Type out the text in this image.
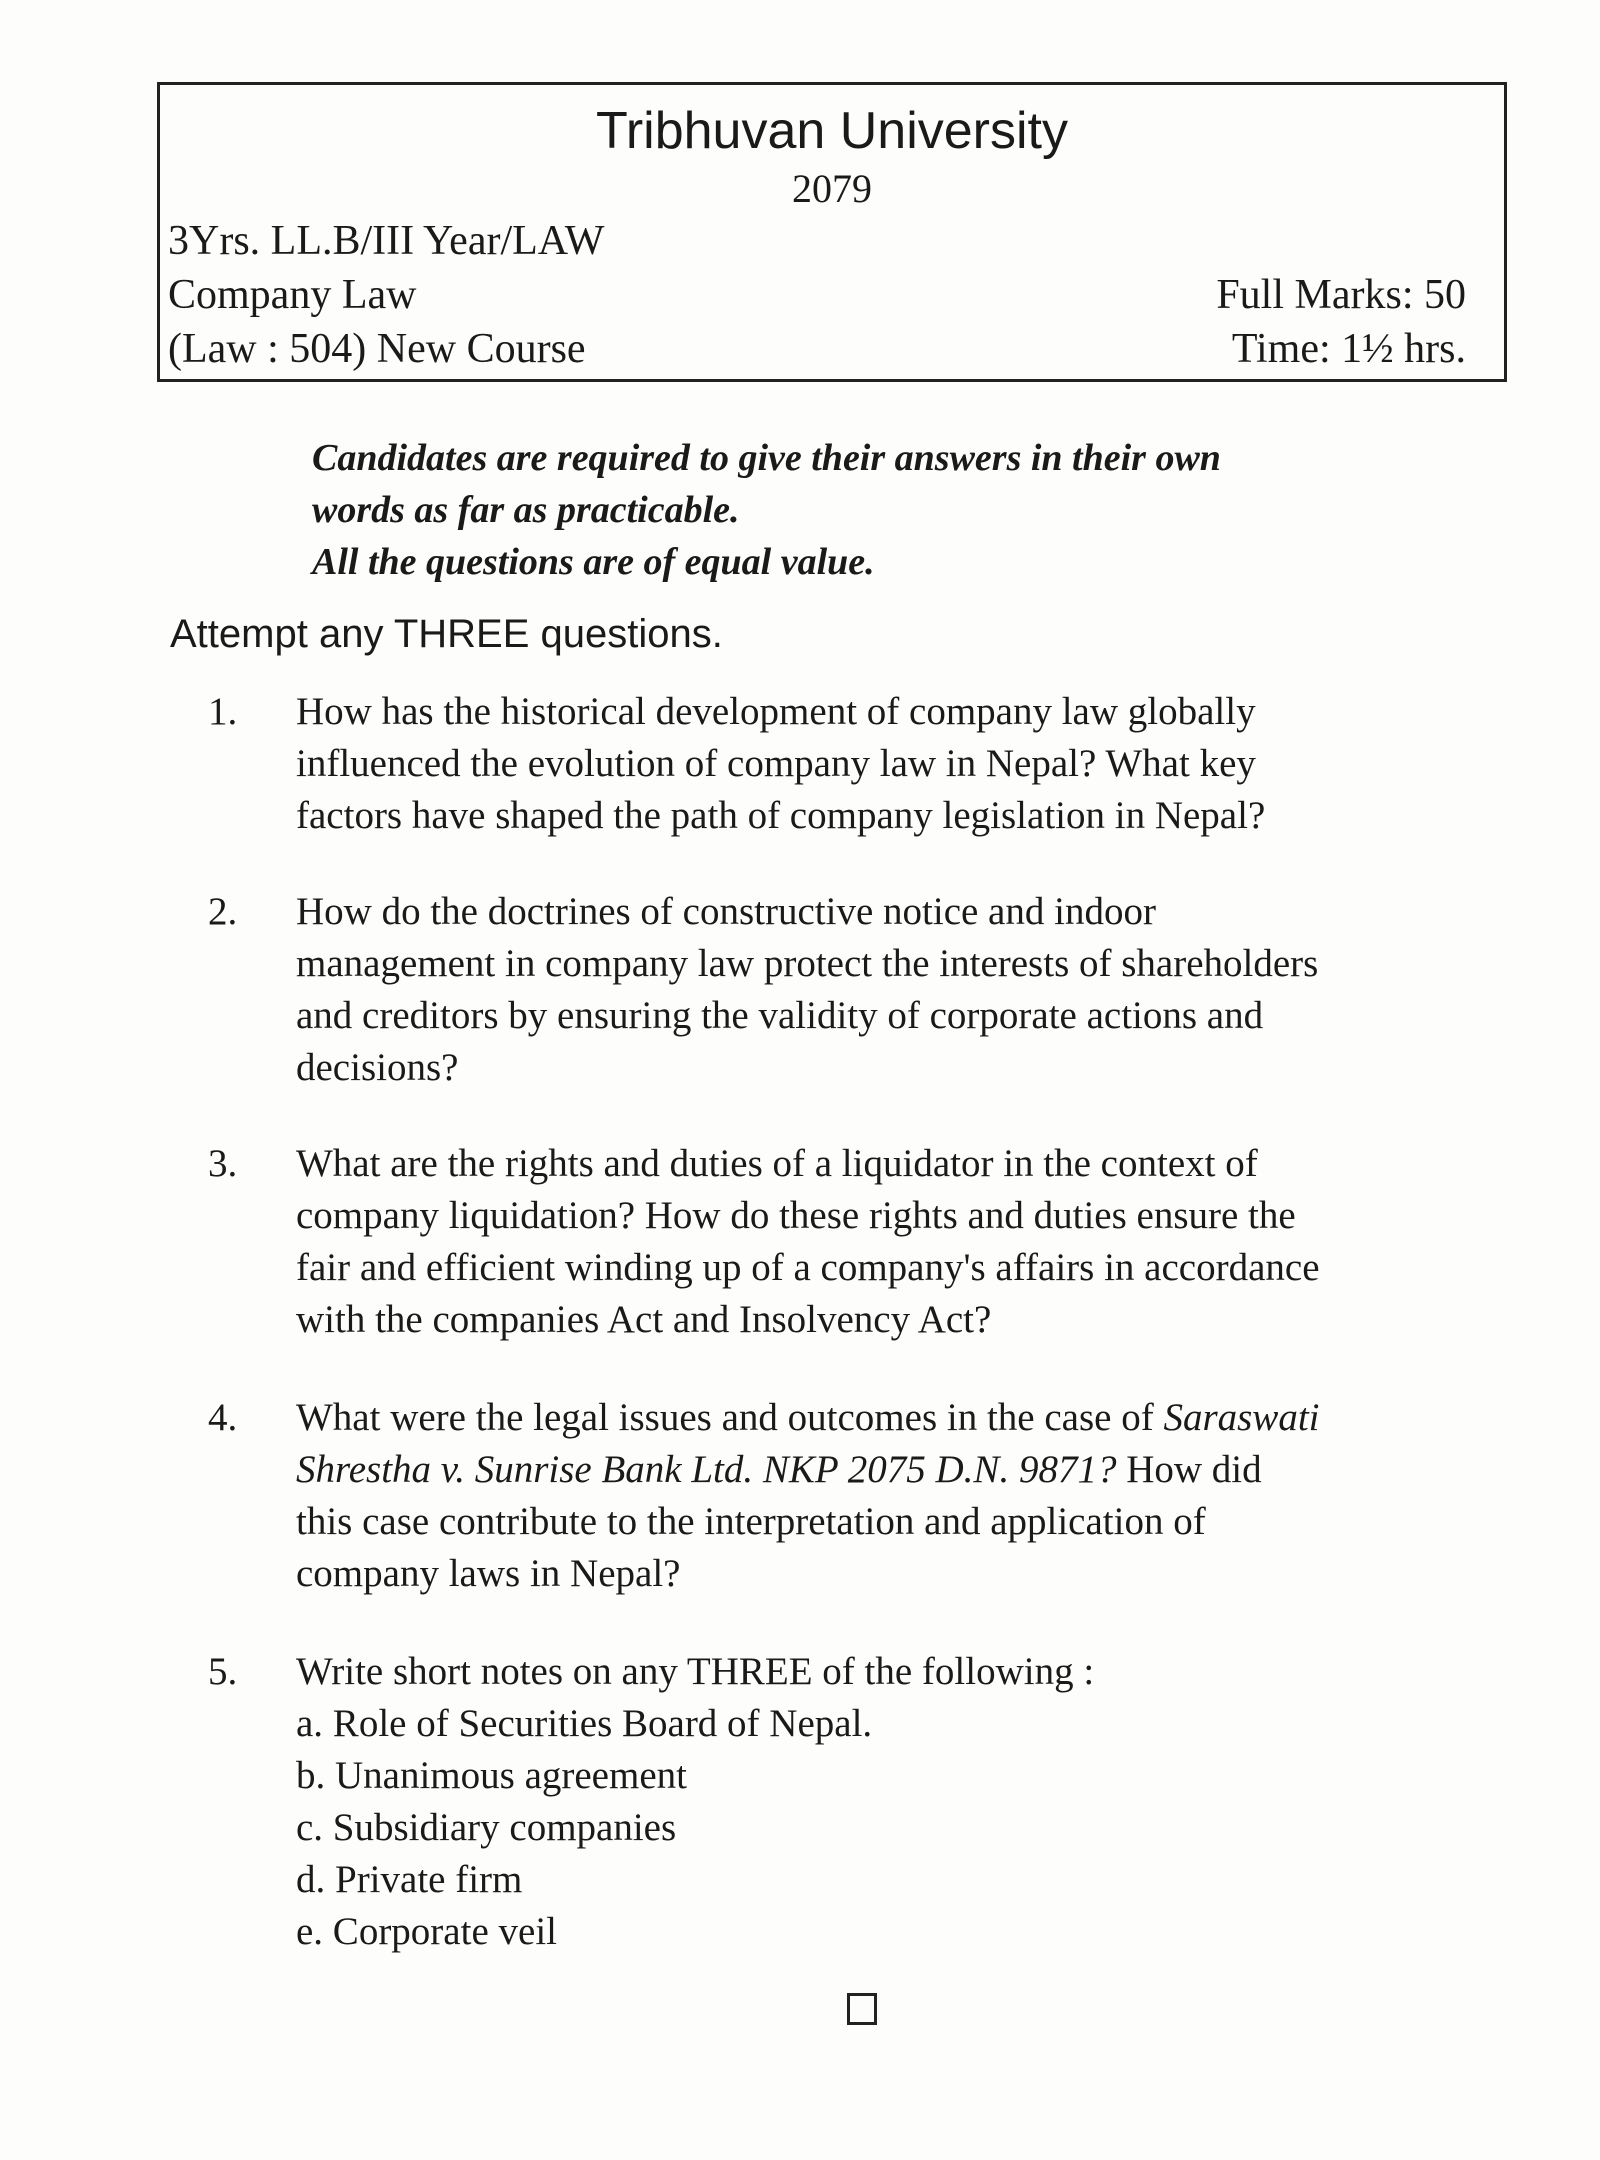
Tribhuvan University
2079
3Yrs. LL.B/III Year/LAW
Company Law
(Law : 504) New Course
Full Marks: 50
Time: 1½ hrs.
Candidates are required to give their answers in their own
words as far as practicable.
All the questions are of equal value.
Attempt any THREE questions.
1. How has the historical development of company law globally
influenced the evolution of company law in Nepal? What key
factors have shaped the path of company legislation in Nepal?
2. How do the doctrines of constructive notice and indoor
management in company law protect the interests of shareholders
and creditors by ensuring the validity of corporate actions and
decisions?
3. What are the rights and duties of a liquidator in the context of
company liquidation? How do these rights and duties ensure the
fair and efficient winding up of a company's affairs in accordance
with the companies Act and Insolvency Act?
4. What were the legal issues and outcomes in the case of Saraswati
Shrestha v. Sunrise Bank Ltd. NKP 2075 D.N. 9871? How did
this case contribute to the interpretation and application of
company laws in Nepal?
5. Write short notes on any THREE of the following :
a. Role of Securities Board of Nepal.
b. Unanimous agreement
c. Subsidiary companies
d. Private firm
e. Corporate veil
